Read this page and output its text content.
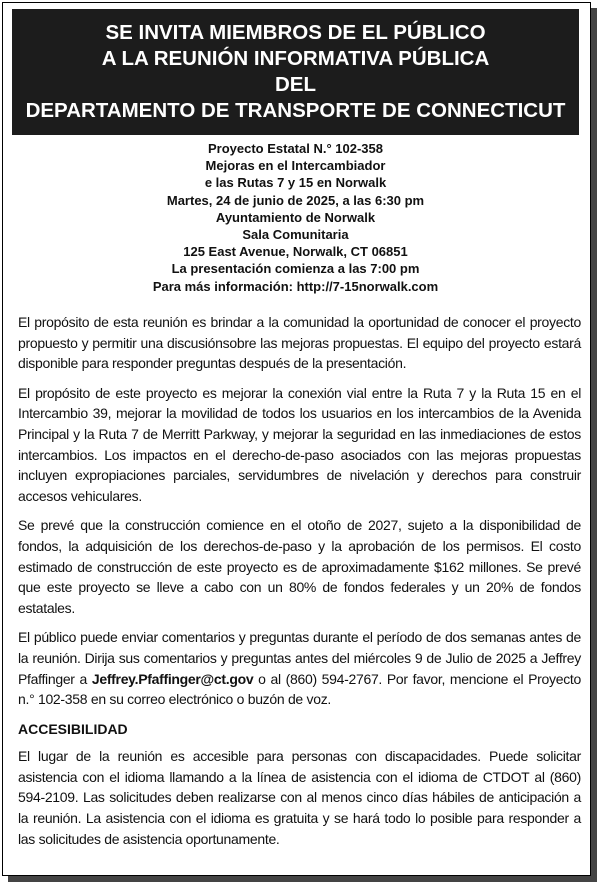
SE INVITA MIEMBROS DE EL PÚBLICO
A LA REUNIÓN INFORMATIVA PÚBLICA
DEL
DEPARTAMENTO DE TRANSPORTE DE CONNECTICUT
Proyecto Estatal N.° 102-358
Mejoras en el Intercambiador
e las Rutas 7 y 15 en Norwalk
Martes, 24 de junio de 2025, a las 6:30 pm
Ayuntamiento de Norwalk
Sala Comunitaria
125 East Avenue, Norwalk, CT 06851
La presentación comienza a las 7:00 pm
Para más información: http://7-15norwalk.com

El propósito de esta reunión es brindar a la comunidad la oportunidad de conocer el proyecto propuesto y permitir una discusiónsobre las mejoras propuestas. El equipo del proyecto estará disponible para responder preguntas después de la presentación.

El propósito de este proyecto es mejorar la conexión vial entre la Ruta 7 y la Ruta 15 en el Intercambio 39, mejorar la movilidad de todos los usuarios en los intercambios de la Avenida Principal y la Ruta 7 de Merritt Parkway, y mejorar la seguridad en las inmediaciones de estos intercambios. Los impactos en el derecho-de-paso asociados con las mejoras propuestas incluyen expropiaciones parciales, servidumbres de nivelación y derechos para construir accesos vehiculares.

Se prevé que la construcción comience en el otoño de 2027, sujeto a la disponibilidad de fondos, la adquisición de los derechos-de-paso y la aprobación de los permisos. El costo estimado de construcción de este proyecto es de aproximadamente $162 millones. Se prevé que este proyecto se lleve a cabo con un 80% de fondos federales y un 20% de fondos estatales.

El público puede enviar comentarios y preguntas durante el período de dos semanas antes de la reunión. Dirija sus comentarios y preguntas antes del miércoles 9 de Julio de 2025 a Jeffrey Pfaffinger a Jeffrey.Pfaffinger@ct.gov o al (860) 594-2767. Por favor, mencione el Proyecto n.° 102-358 en su correo electrónico o buzón de voz.

ACCESIBILIDAD

El lugar de la reunión es accesible para personas con discapacidades. Puede solicitar asistencia con el idioma llamando a la línea de asistencia con el idioma de CTDOT al (860) 594-2109. Las solicitudes deben realizarse con al menos cinco días hábiles de anticipación a la reunión. La asistencia con el idioma es gratuita y se hará todo lo posible para responder a las solicitudes de asistencia oportunamente.
